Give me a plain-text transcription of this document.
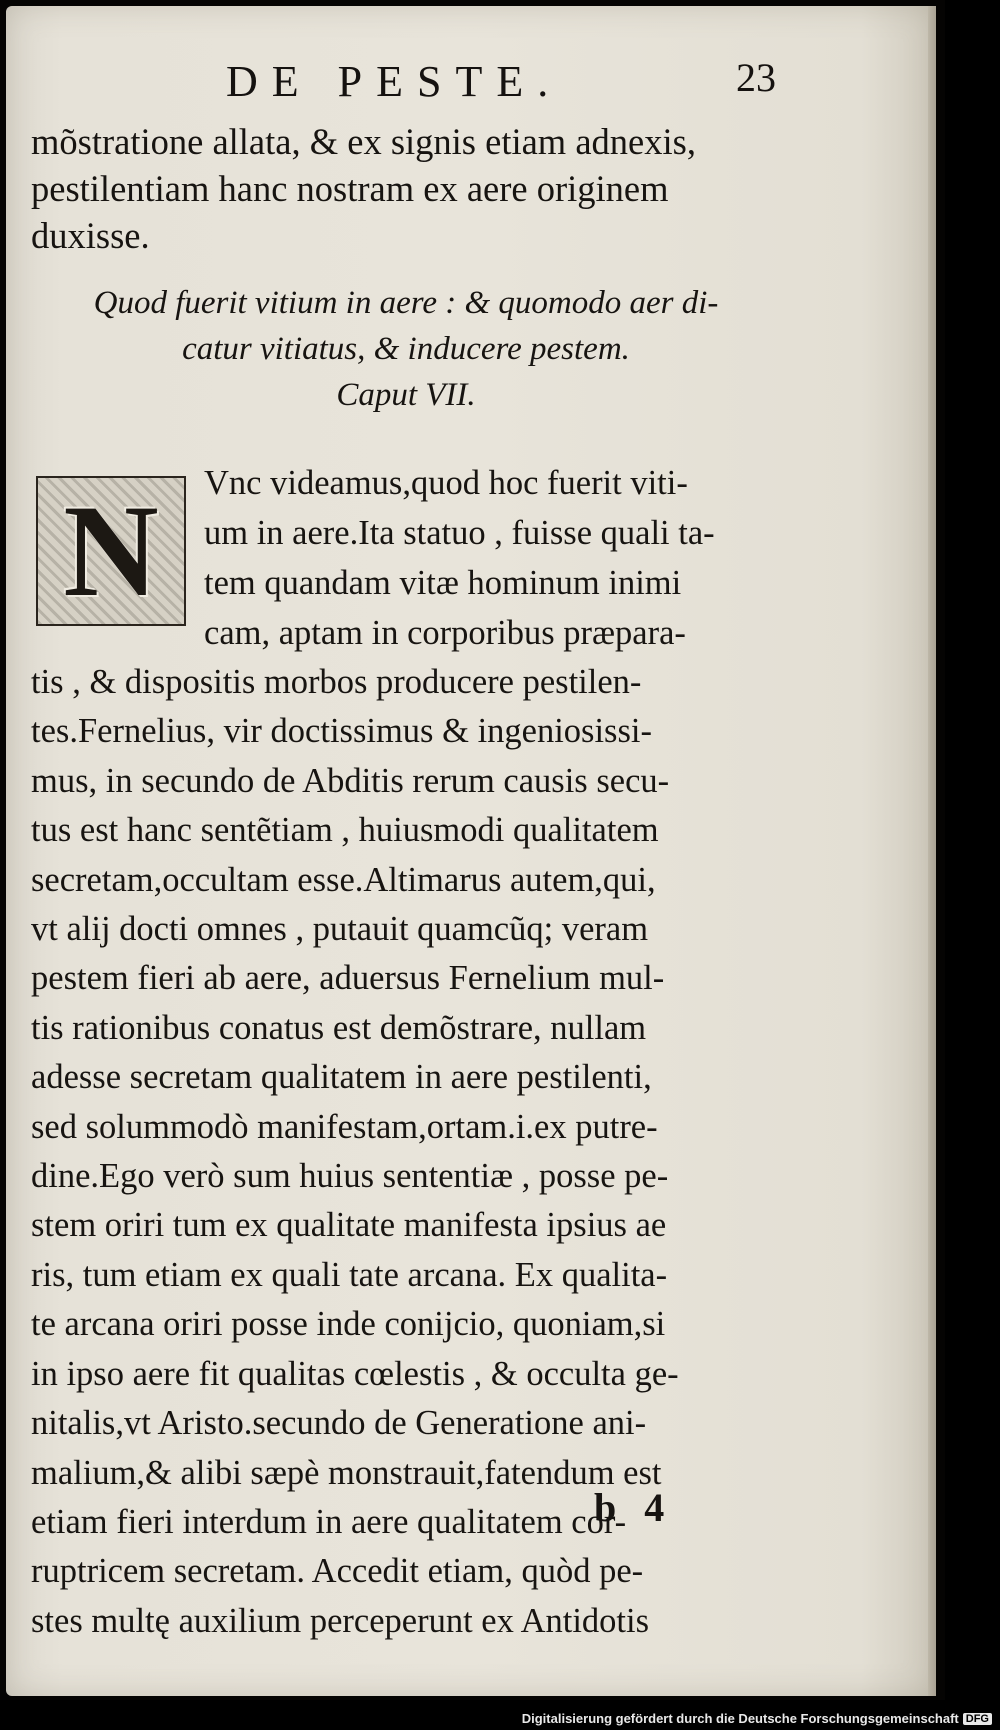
DE PESTE.	23
mõstratione allata, & ex signis etiam adnexis,
pestilentiam hanc nostram ex aere originem
duxisse.
Quod fuerit vitium in aere : & quomodo aer di-
catur vitiatus, & inducere pestem.
Caput VII.
N Vnc videamus,quod hoc fuerit viti-
um in aere.Ita statuo , fuisse quali ta-
tem quandam vitæ hominum inimi
cam, aptam in corporibus præpara-
tis , & dispositis morbos producere pestilen-
tes.Fernelius, vir doctissimus & ingeniosissi-
mus, in secundo de Abditis rerum causis secu-
tus est hanc sentẽtiam , huiusmodi qualitatem
secretam,occultam esse.Altimarus autem,qui,
vt alij docti omnes , putauit quamcũq; veram
pestem fieri ab aere, aduersus Fernelium mul-
tis rationibus conatus est demõstrare, nullam
adesse secretam qualitatem in aere pestilenti,
sed solummodò manifestam,ortam.i.ex putre-
dine.Ego verò sum huius sententiæ , posse pe-
stem oriri tum ex qualitate manifesta ipsius ae
ris, tum etiam ex quali tate arcana. Ex qualita-
te arcana oriri posse inde conijcio, quoniam,si
in ipso aere fit qualitas cœlestis , & occulta ge-
nitalis,vt Aristo.secundo de Generatione ani-
malium,& alibi sæpè monstrauit,fatendum est
etiam fieri interdum in aere qualitatem cor-
ruptricem secretam. Accedit etiam, quòd pe-
stes multę auxilium perceperunt ex Antidotis
b 4
Digitalisierung gefördert durch die Deutsche Forschungsgemeinschaft DFG
